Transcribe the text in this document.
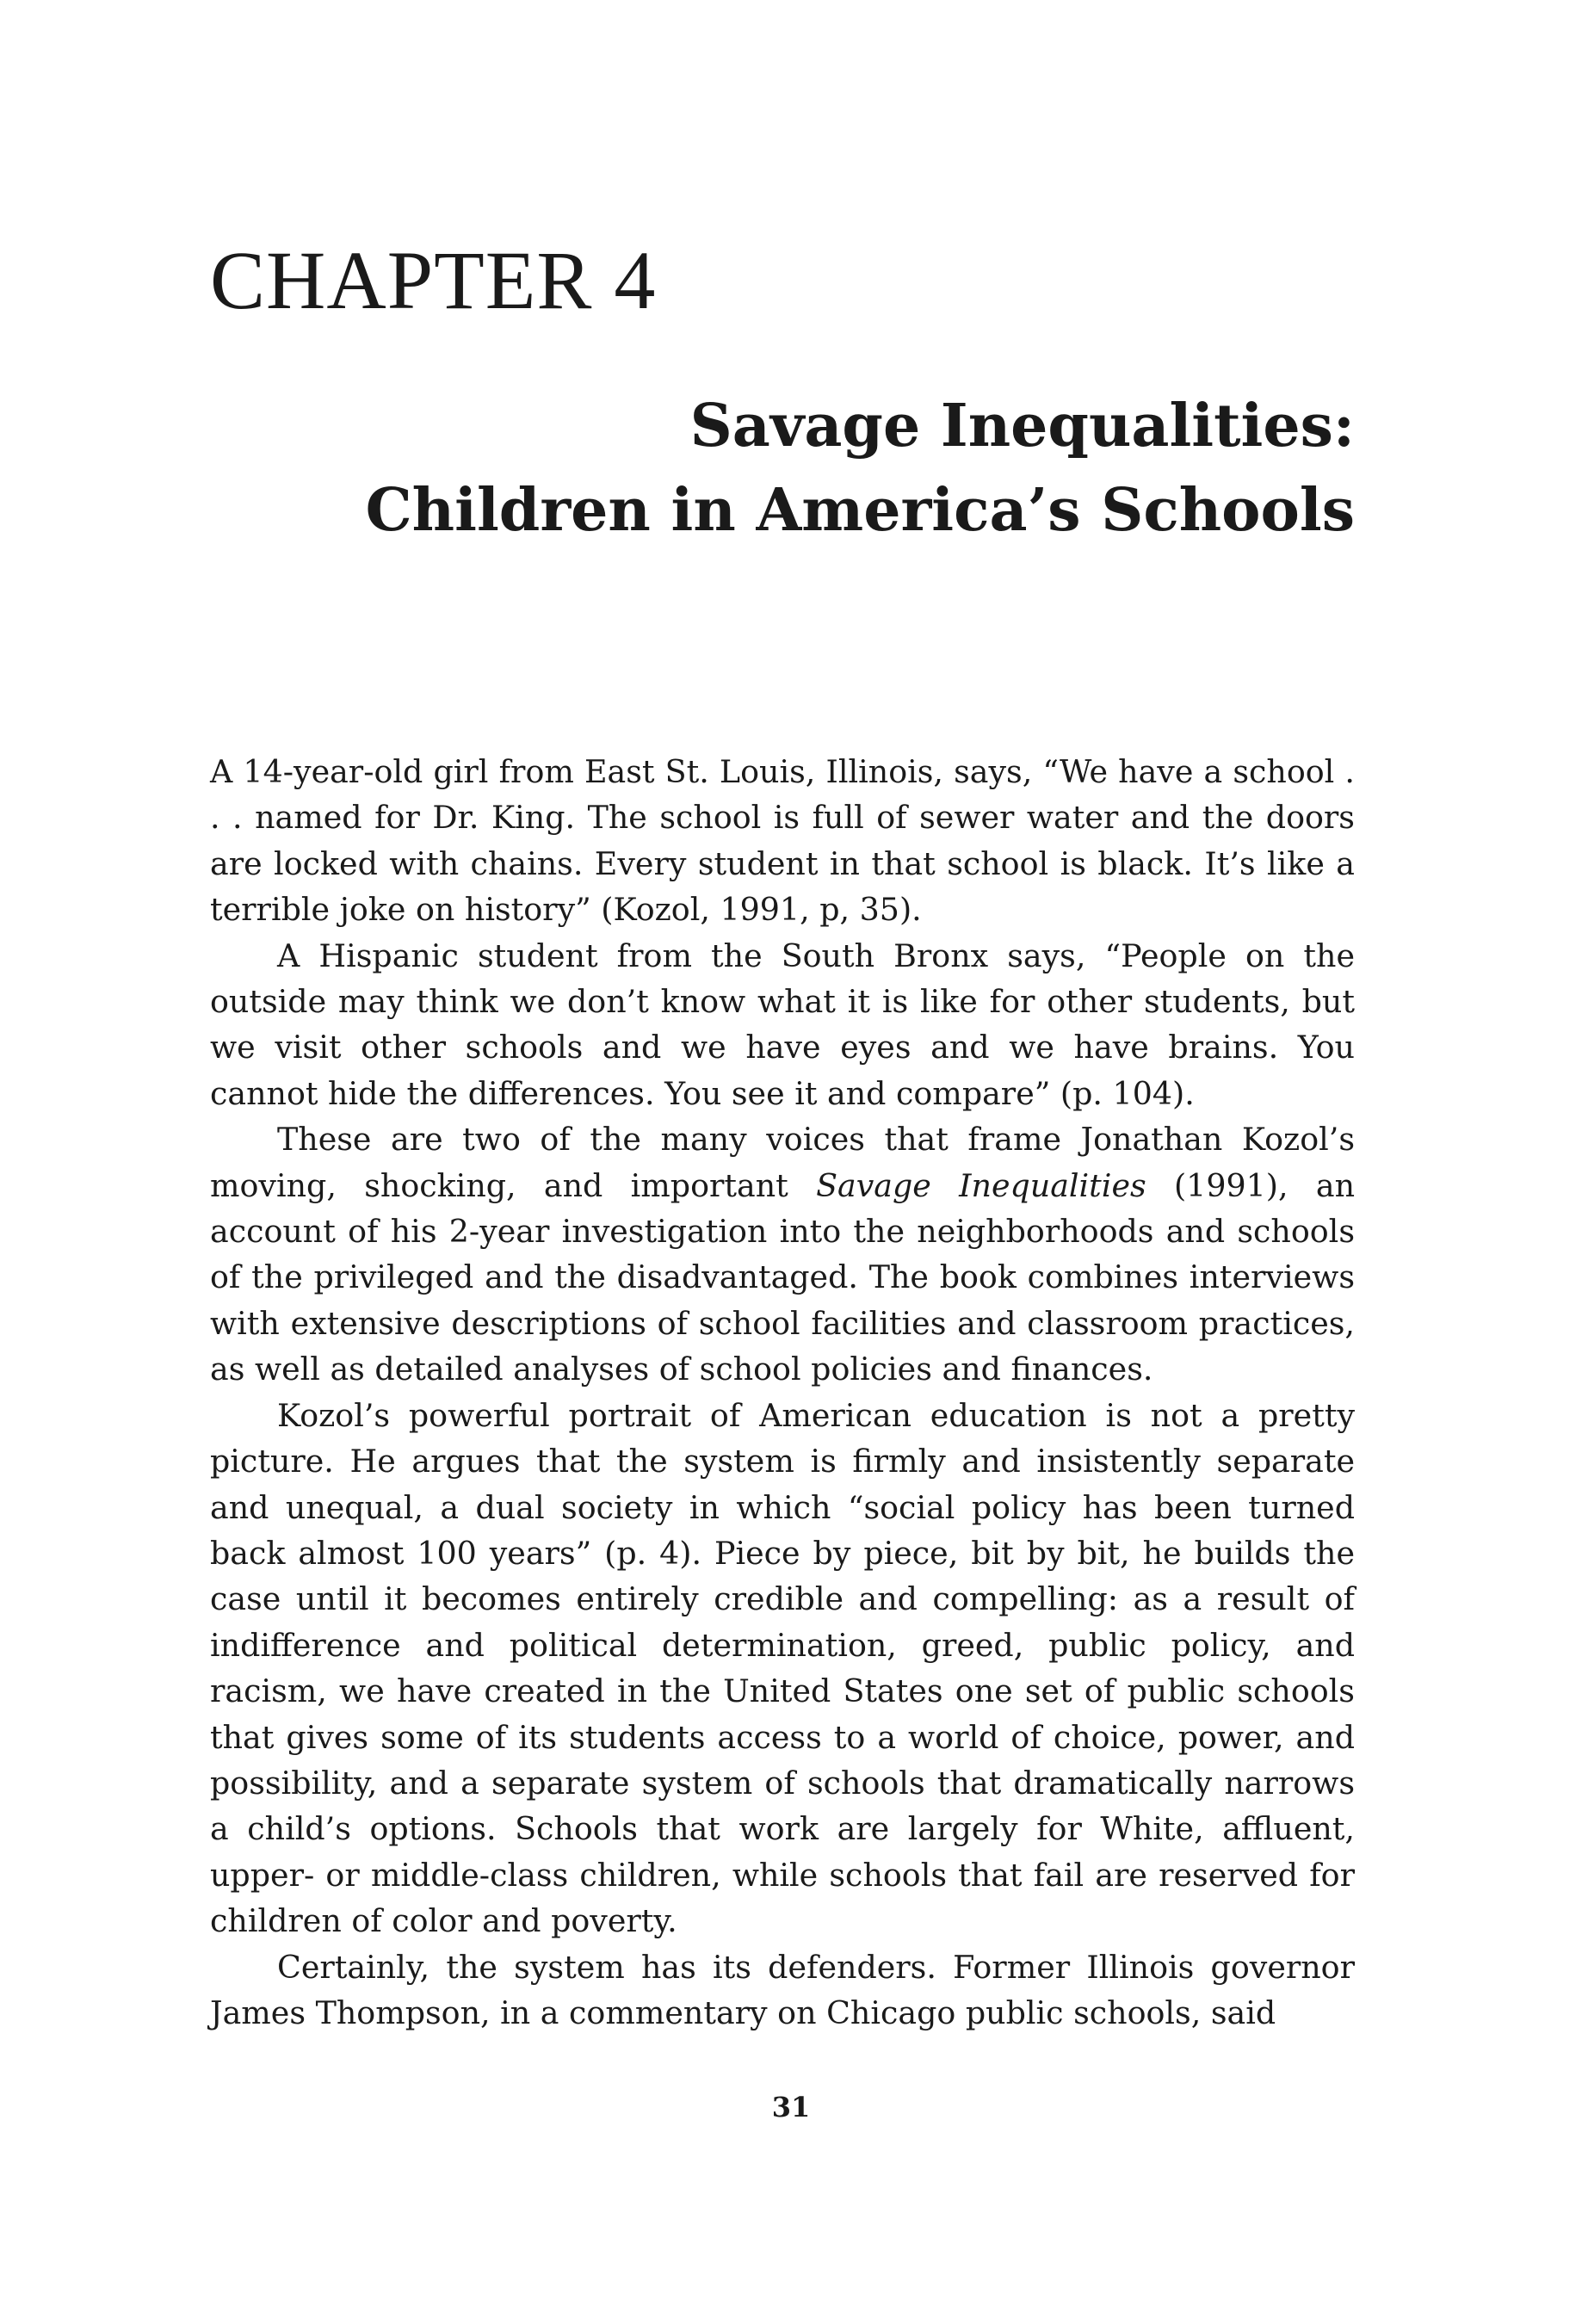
CHAPTER 4
Savage Inequalities:
Children in America’s Schools

A 14-year-old girl from East St. Louis, Illinois, says, “We have a school . . . named for Dr. King. The school is full of sewer water and the doors are locked with chains. Every student in that school is black. It’s like a terrible joke on history” (Kozol, 1991, p, 35).

A Hispanic student from the South Bronx says, “People on the outside may think we don’t know what it is like for other students, but we visit other schools and we have eyes and we have brains. You cannot hide the differences. You see it and compare” (p. 104).

These are two of the many voices that frame Jonathan Kozol’s moving, shocking, and important Savage Inequalities (1991), an account of his 2-year investigation into the neighborhoods and schools of the privileged and the disadvantaged. The book combines interviews with extensive descriptions of school facilities and classroom practices, as well as detailed analyses of school policies and finances.

Kozol’s powerful portrait of American education is not a pretty picture. He argues that the system is firmly and insistently separate and unequal, a dual society in which “social policy has been turned back almost 100 years” (p. 4). Piece by piece, bit by bit, he builds the case until it becomes entirely credible and compelling: as a result of indifference and political determination, greed, public policy, and racism, we have created in the United States one set of public schools that gives some of its students access to a world of choice, power, and possibility, and a separate system of schools that dramatically narrows a child’s options. Schools that work are largely for White, affluent, upper- or middle-class children, while schools that fail are reserved for children of color and poverty.

Certainly, the system has its defenders. Former Illinois governor James Thompson, in a commentary on Chicago public schools, said

31
